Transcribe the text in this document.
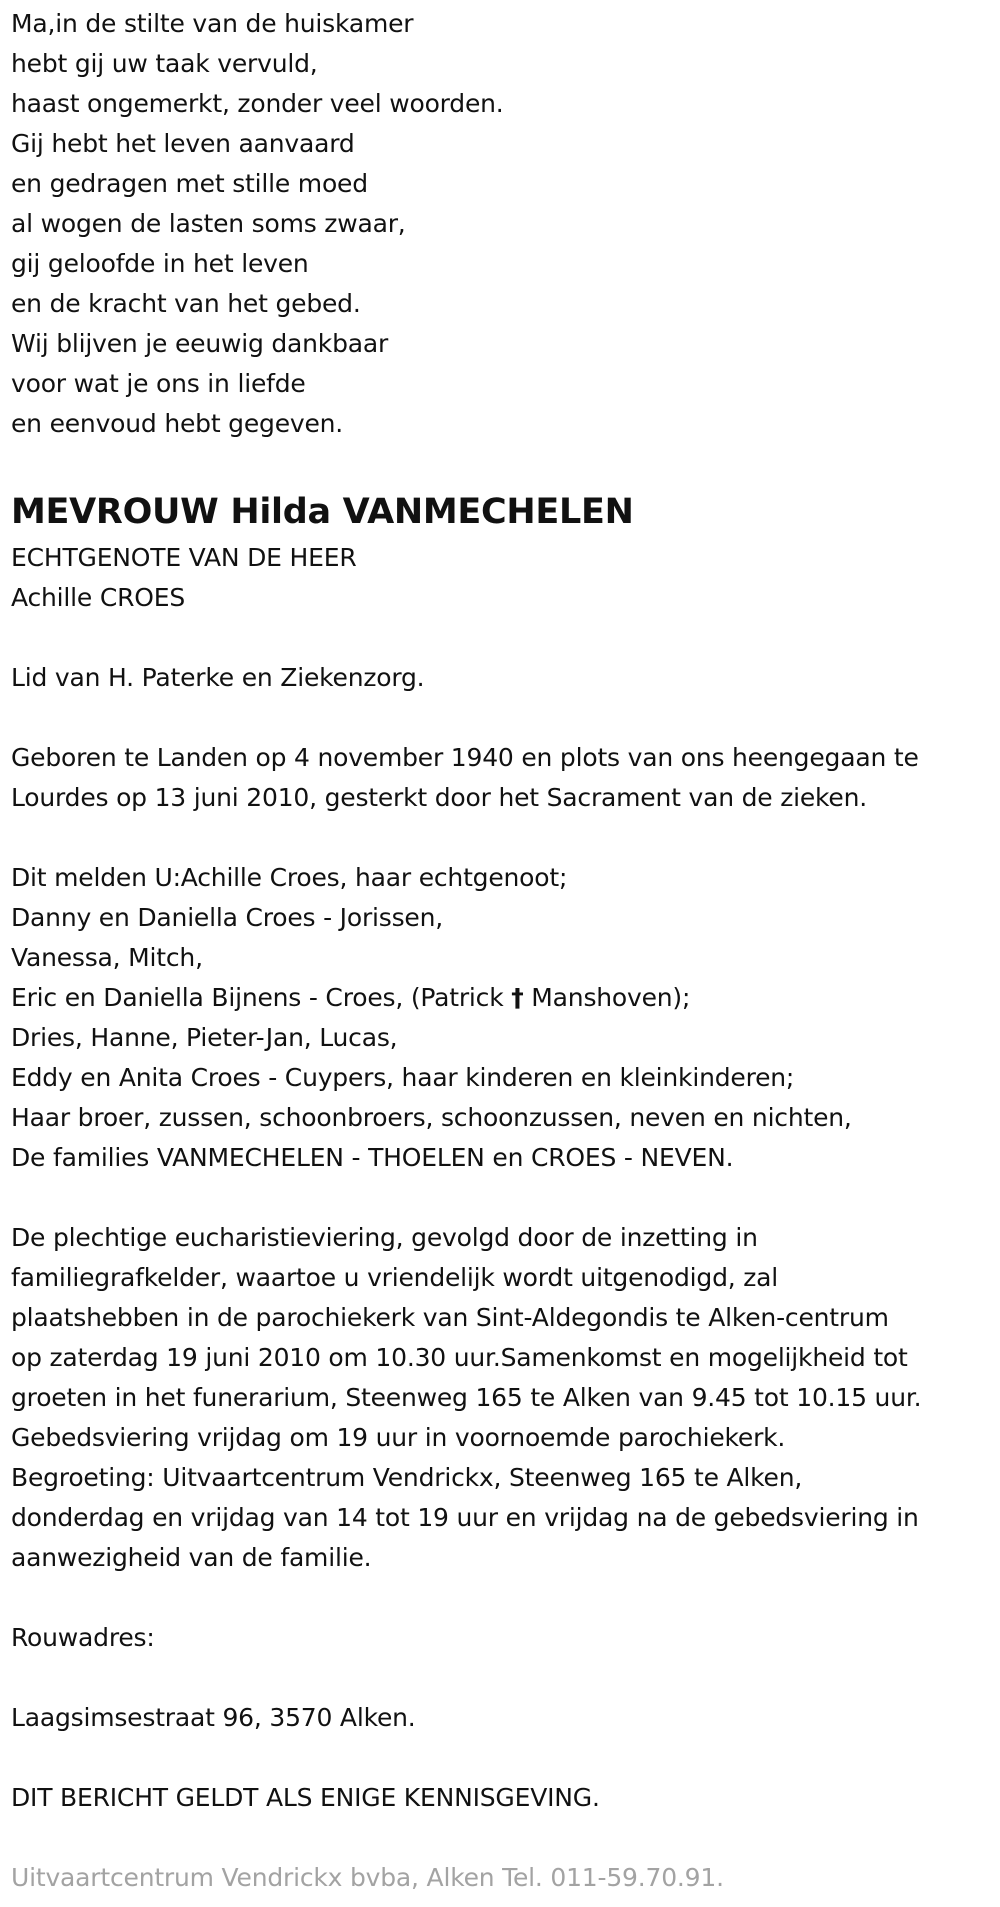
Ma,in de stilte van de huiskamer
hebt gij uw taak vervuld,
haast ongemerkt, zonder veel woorden.
Gij hebt het leven aanvaard
en gedragen met stille moed
al wogen de lasten soms zwaar,
gij geloofde in het leven
en de kracht van het gebed.
Wij blijven je eeuwig dankbaar
voor wat je ons in liefde
en eenvoud hebt gegeven.
MEVROUW Hilda VANMECHELEN
ECHTGENOTE VAN DE HEER
Achille CROES
Lid van H. Paterke en Ziekenzorg.
Geboren te Landen op 4 november 1940 en plots van ons heengegaan te
Lourdes op 13 juni 2010, gesterkt door het Sacrament van de zieken.
Dit melden U:Achille Croes, haar echtgenoot;
Danny en Daniella Croes - Jorissen,
Vanessa, Mitch,
Eric en Daniella Bijnens - Croes, (Patrick † Manshoven);
Dries, Hanne, Pieter-Jan, Lucas,
Eddy en Anita Croes - Cuypers, haar kinderen en kleinkinderen;
Haar broer, zussen, schoonbroers, schoonzussen, neven en nichten,
De families VANMECHELEN - THOELEN en CROES - NEVEN.
De plechtige eucharistieviering, gevolgd door de inzetting in
familiegrafkelder, waartoe u vriendelijk wordt uitgenodigd, zal
plaatshebben in de parochiekerk van Sint-Aldegondis te Alken-centrum
op zaterdag 19 juni 2010 om 10.30 uur.Samenkomst en mogelijkheid tot
groeten in het funerarium, Steenweg 165 te Alken van 9.45 tot 10.15 uur.
Gebedsviering vrijdag om 19 uur in voornoemde parochiekerk.
Begroeting: Uitvaartcentrum Vendrickx, Steenweg 165 te Alken,
donderdag en vrijdag van 14 tot 19 uur en vrijdag na de gebedsviering in
aanwezigheid van de familie.
Rouwadres:
Laagsimsestraat 96, 3570 Alken.
DIT BERICHT GELDT ALS ENIGE KENNISGEVING.
Uitvaartcentrum Vendrickx bvba, Alken Tel. 011-59.70.91.
